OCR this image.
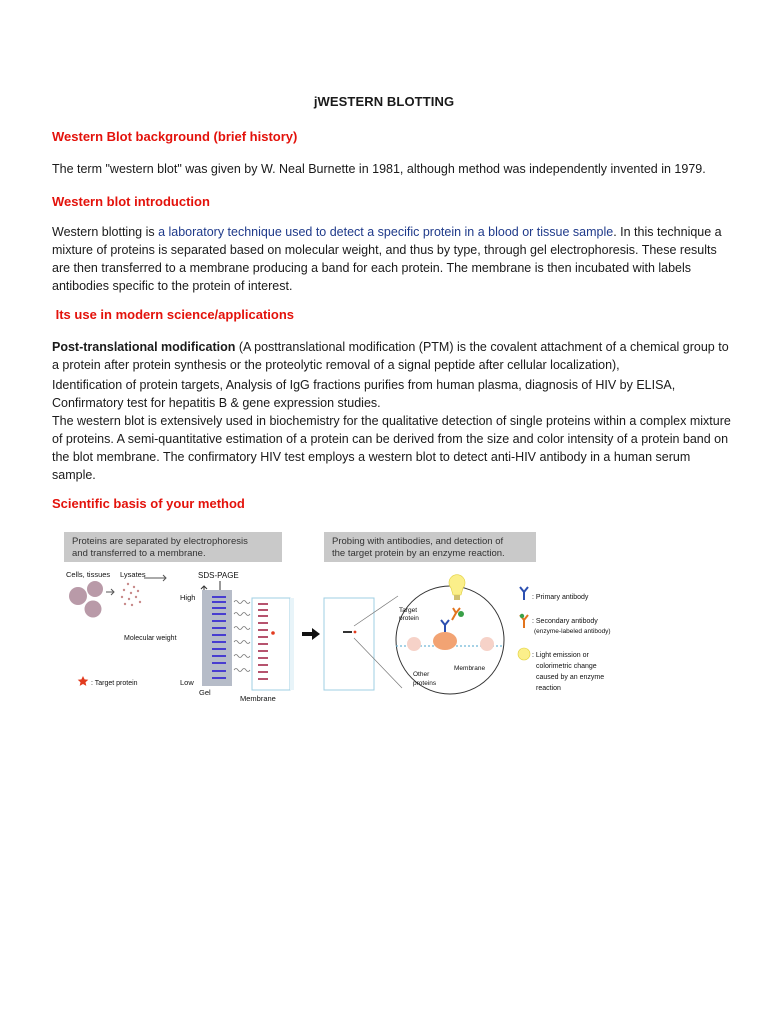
jWESTERN BLOTTING
Western Blot background (brief history)

The term "western blot" was given by W. Neal Burnette in 1981, although method was independently invented in 1979.

Western blot introduction

Western blotting is a laboratory technique used to detect a specific protein in a blood or tissue sample. In this technique a mixture of proteins is separated based on molecular weight, and thus by type, through gel electrophoresis. These results are then transferred to a membrane producing a band for each protein. The membrane is then incubated with labels antibodies specific to the protein of interest.

Its use in modern science/applications

Post-translational modification (A posttranslational modification (PTM) is the covalent attachment of a chemical group to a protein after protein synthesis or the proteolytic removal of a signal peptide after cellular localization),

Identification of protein targets, Analysis of IgG fractions purifies from human plasma, diagnosis of HIV by ELISA, Confirmatory test for hepatitis B & gene expression studies.

The western blot is extensively used in biochemistry for the qualitative detection of single proteins within a complex mixture of proteins. A semi-quantitative estimation of a protein can be derived from the size and color intensity of a protein band on the blot membrane. The confirmatory HIV test employs a western blot to detect anti-HIV antibody in a human serum sample.

Scientific basis of your method
Proteins are separated by electrophoresis
and transferred to a membrane.
Probing with antibodies, and detection of
the target protein by an enzyme reaction.
Cells, tissues Lysates	SDS-PAGE
High
Low
Molecular weight
Gel
Membrane
: Target protein
Target
protein
Membrane
Other
proteins
: Primary antibody
: Secondary antibody
(enzyme-labeled antibody)
: Light emission or
colorimetric change
caused by an enzyme
reaction
